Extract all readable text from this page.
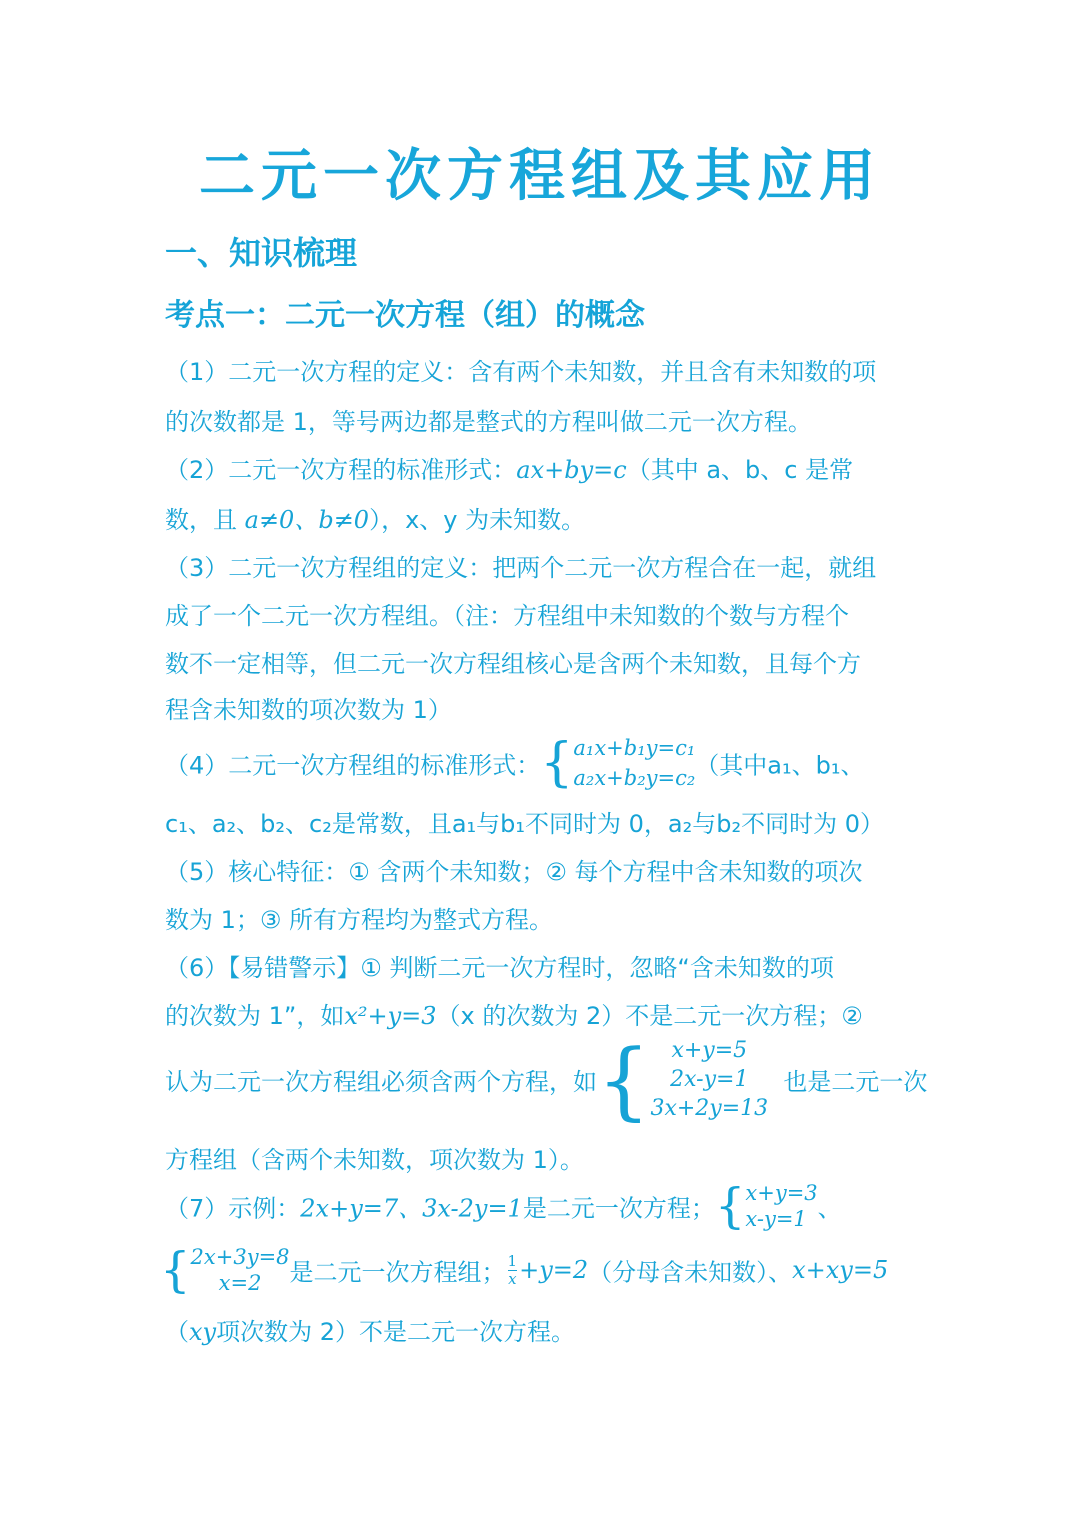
二元一次方程组及其应用
一、知识梳理
考点一：二元一次方程（组）的概念
（1）二元一次方程的定义：含有两个未知数，并且含有未知数的项
的次数都是 1，等号两边都是整式的方程叫做二元一次方程。
（2）二元一次方程的标准形式：ax+by=c（其中 a、b、c 是常
数，且 a≠0、b≠0），x、y 为未知数。
（3）二元一次方程组的定义：把两个二元一次方程合在一起，就组
成了一个二元一次方程组。（注：方程组中未知数的个数与方程个
数不一定相等，但二元一次方程组核心是含两个未知数，且每个方
程含未知数的项次数为 1）
（4）二元一次方程组的标准形式： { a₁x+b₁y=c₁
a₂x+b₂y=c₂ （其中a₁、b₁、
c₁、a₂、b₂、c₂是常数，且a₁与b₁不同时为 0，a₂与b₂不同时为 0）
（5）核心特征：① 含两个未知数；② 每个方程中含未知数的项次
数为 1；③ 所有方程均为整式方程。
（6）【易错警示】① 判断二元一次方程时，忽略“含未知数的项
的次数为 1”，如x²+y=3（x 的次数为 2）不是二元一次方程；②
认为二元一次方程组必须含两个方程，如 { x+y=5
2x-y=1
3x+2y=13
也是二元一次
方程组（含两个未知数，项次数为 1）。
（7）示例：2x+y=7、3x-2y=1是二元一次方程； { x+y=3
x-y=1 、
{ 2x+3y=8
x=2 是二元一次方程组； $\frac{1}{x} +y=2$（分母含未知数）、x+xy=5
（xy项次数为 2）不是二元一次方程。
